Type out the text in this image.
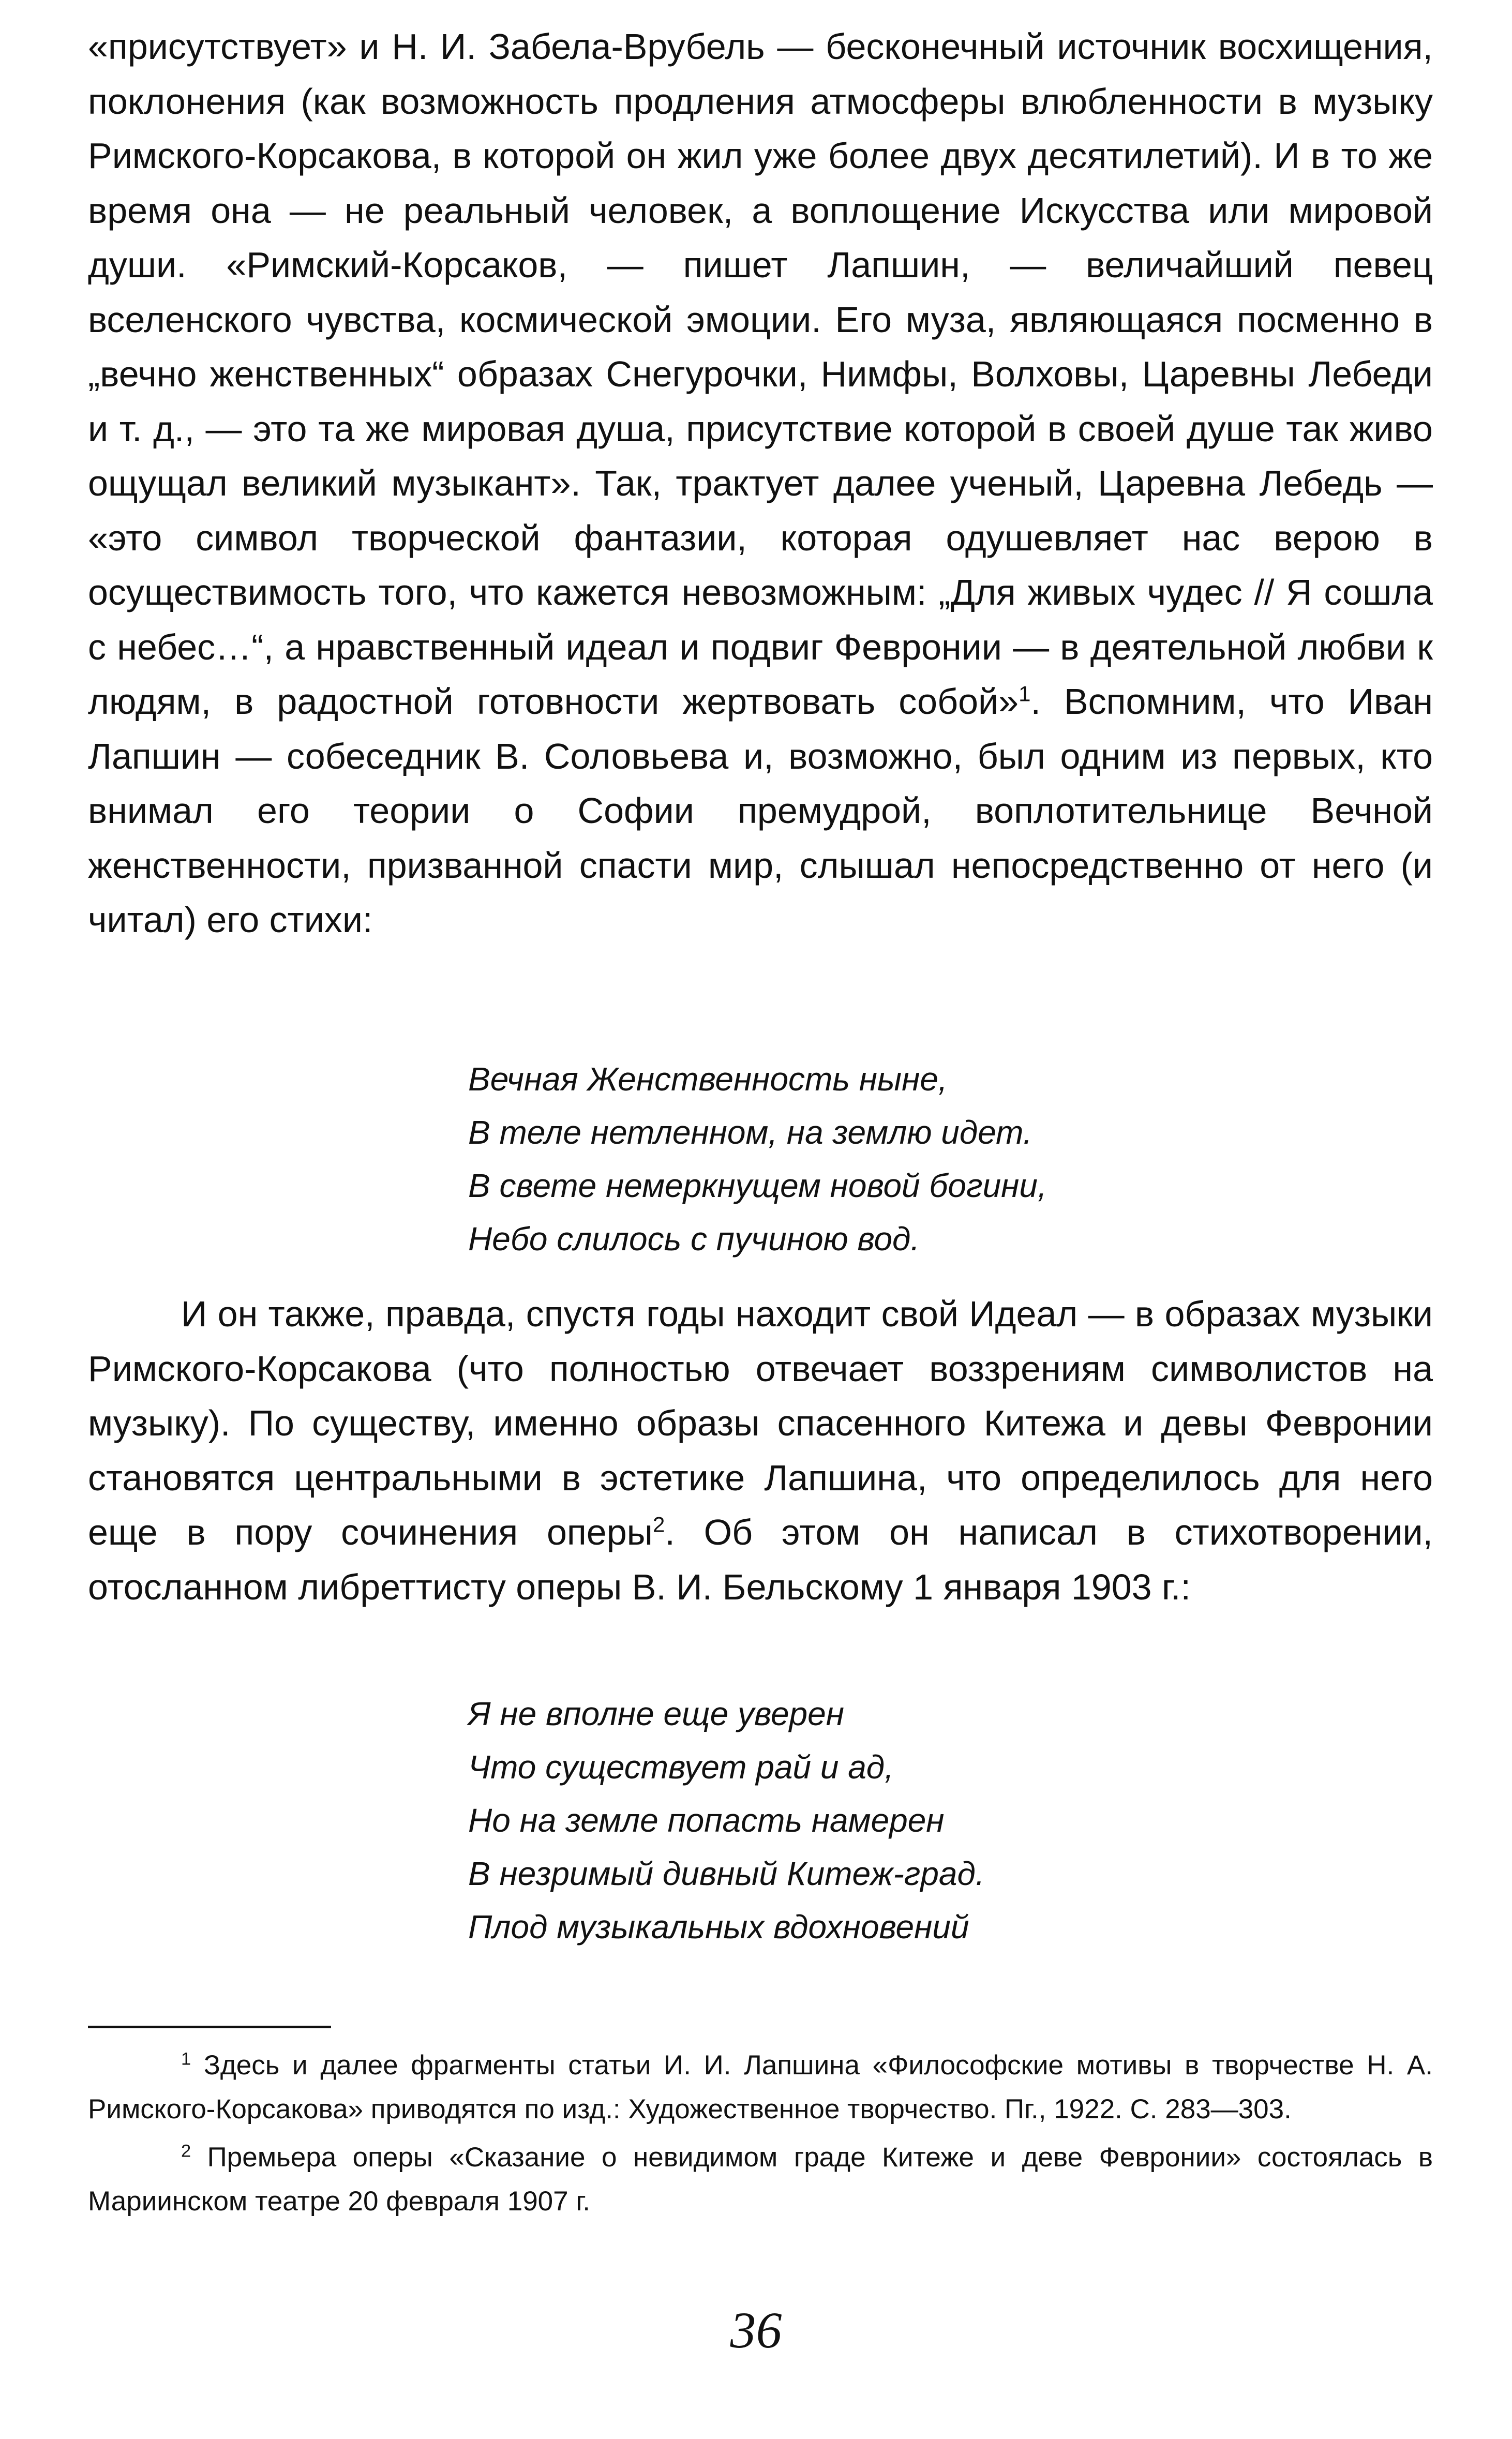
«присутствует» и Н. И. Забела-Врубель — бесконечный источник восхищения, поклонения (как возможность продления атмосферы влюбленности в музыку Римского-Корсакова, в которой он жил уже более двух десятилетий). И в то же время она — не реальный человек, а воплощение Искусства или мировой души. «Римский-Корсаков, — пишет Лапшин, — величайший певец вселенского чувства, космической эмоции. Его муза, являющаяся посменно в „вечно женственных“ образах Снегурочки, Нимфы, Волховы, Царевны Лебеди и т. д., — это та же мировая душа, присутствие которой в своей душе так живо ощущал великий музыкант». Так, трактует далее ученый, Царевна Лебедь — «это символ творческой фантазии, которая одушевляет нас верою в осуществимость того, что кажется невозможным: „Для живых чудес // Я сошла с небес…“, а нравственный идеал и подвиг Февронии — в деятельной любви к людям, в радостной готовности жертвовать собой»$^1$. Вспомним, что Иван Лапшин — собеседник В. Соловьева и, возможно, был одним из первых, кто внимал его теории о Софии премудрой, воплотительнице Вечной женственности, призванной спасти мир, слышал непосредственно от него (и читал) его стихи:

Вечная Женственность ныне,
В теле нетленном, на землю идет.
В свете немеркнущем новой богини,
Небо слилось с пучиною вод.

И он также, правда, спустя годы находит свой Идеал — в образах музыки Римского-Корсакова (что полностью отвечает воззрениям символистов на музыку). По существу, именно образы спасенного Китежа и девы Февронии становятся центральными в эстетике Лапшина, что определилось для него еще в пору сочинения оперы$^2$. Об этом он написал в стихотворении, отосланном либреттисту оперы В. И. Бельскому 1 января 1903 г.:

Я не вполне еще уверен
Что существует рай и ад,
Но на земле попасть намерен
В незримый дивный Китеж-град.
Плод музыкальных вдохновений

$^1$ Здесь и далее фрагменты статьи И. И. Лапшина «Философские мотивы в творчестве Н. А. Римского-Корсакова» приводятся по изд.: Художественное творчество. Пг., 1922. С. 283—303.

$^2$ Премьера оперы «Сказание о невидимом граде Китеже и деве Февронии» состоялась в Мариинском театре 20 февраля 1907 г.

36
